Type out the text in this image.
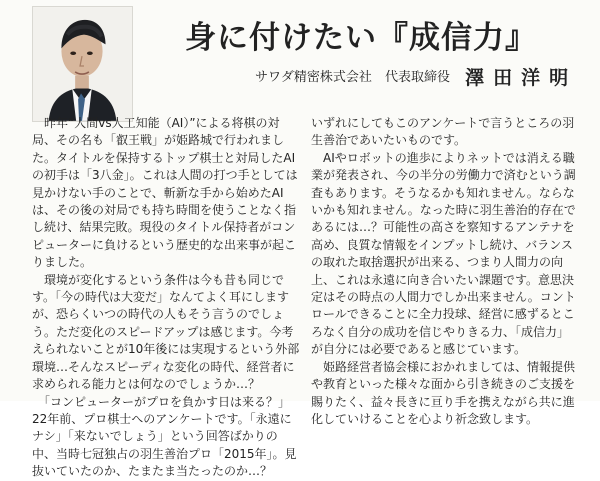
身に付けたい『成信力』
サワダ精密株式会社 代表取締役 澤田洋明
　昨年“人間vs人工知能（AI）”による将棋の対局、その名も「叡王戦」が姫路城で行われました。タイトルを保持するトップ棋士と対局したAIの初手は「3八金」。これは人間の打つ手としては見かけない手のことで、斬新な手から始めたAIは、その後の対局でも持ち時間を使うことなく指し続け、結果完敗。現役のタイトル保持者がコンピューターに負けるという歴史的な出来事が起こりました。
　環境が変化するという条件は今も昔も同じです。「今の時代は大変だ」なんてよく耳にしますが、恐らくいつの時代の人もそう言うのでしょう。ただ変化のスピードアップは感じます。今考えられないことが10年後には実現するという外部環境…そんなスピーディな変化の時代、経営者に求められる能力とは何なのでしょうか…？
　「コンピューターがプロを負かす日は来る？」22年前、プロ棋士へのアンケートです。「永遠にナシ」「来ないでしょう」という回答ばかりの中、当時七冠独占の羽生善治プロ「2015年」。見抜いていたのか、たまたま当たったのか…？
いずれにしてもこのアンケートで言うところの羽生善治であいたいものです。
　AIやロボットの進歩によりネットでは消える職業が発表され、今の半分の労働力で済むという調査もあります。そうなるかも知れません。ならないかも知れません。なった時に羽生善治的存在であるには…？可能性の高さを察知するアンテナを高め、良質な情報をインプットし続け、バランスの取れた取捨選択が出来る、つまり人間力の向上、これは永遠に向き合いたい課題です。意思決定はその時点の人間力でしか出来ません。コントロールできることに全力投球、経営に感ずるところなく自分の成功を信じやりきる力、「成信力」が自分には必要であると感じています。
　姫路経営者協会様におかれましては、情報提供や教育といった様々な面から引き続きのご支援を賜りたく、益々長きに亘り手を携えながら共に進化していけることを心より祈念致します。
